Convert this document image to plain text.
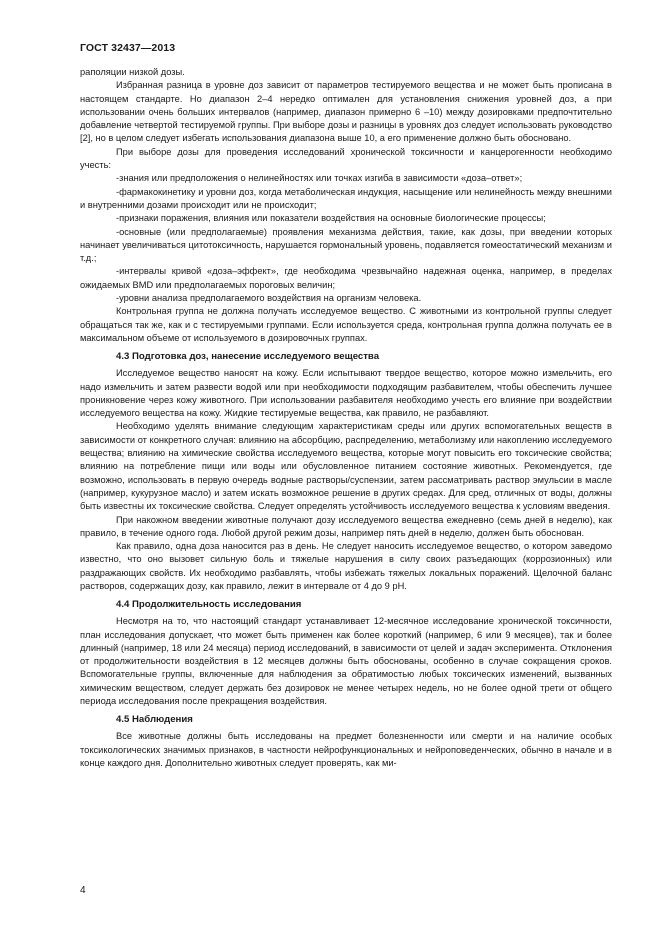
ГОСТ 32437—2013

раполяции низкой дозы.

Избранная разница в уровне доз зависит от параметров тестируемого вещества и не может быть прописана в настоящем стандарте. Но диапазон 2–4 нередко оптимален для установления снижения уровней доз, а при использовании очень больших интервалов (например, диапазон примерно 6 –10) между дозировками предпочтительно добавление четвертой тестируемой группы. При выборе дозы и разницы в уровнях доз следует использовать руководство [2], но в целом следует избегать использования диапазона выше 10, а его применение должно быть обосновано.

При выборе дозы для проведения исследований хронической токсичности и канцерогенности необходимо учесть:

-знания или предположения о нелинейностях или точках изгиба в зависимости «доза–ответ»;

-фармакокинетику и уровни доз, когда метаболическая индукция, насыщение или нелинейность между внешними и внутренними дозами происходит или не происходит;

-признаки поражения, влияния или показатели воздействия на основные биологические процессы;

-основные (или предполагаемые) проявления механизма действия, такие, как дозы, при введении которых начинает увеличиваться цитотоксичность, нарушается гормональный уровень, подавляется гомеостатический механизм и т.д.;

-интервалы кривой «доза–эффект», где необходима чрезвычайно надежная оценка, например, в пределах ожидаемых BMD или предполагаемых пороговых величин;

-уровни анализа предполагаемого воздействия на организм человека.

Контрольная группа не должна получать исследуемое вещество. С животными из контрольной группы следует обращаться так же, как и с тестируемыми группами. Если используется среда, контрольная группа должна получать ее в максимальном объеме от используемого в дозировочных группах.

4.3 Подготовка доз, нанесение исследуемого вещества

Исследуемое вещество наносят на кожу. Если испытывают твердое вещество, которое можно измельчить, его надо измельчить и затем развести водой или при необходимости подходящим разбавителем, чтобы обеспечить лучшее проникновение через кожу животного. При использовании разбавителя необходимо учесть его влияние при воздействии исследуемого вещества на кожу. Жидкие тестируемые вещества, как правило, не разбавляют.

Необходимо уделять внимание следующим характеристикам среды или других вспомогательных веществ в зависимости от конкретного случая: влиянию на абсорбцию, распределению, метаболизму или накоплению исследуемого вещества; влиянию на химические свойства исследуемого вещества, которые могут повысить его токсические свойства; влиянию на потребление пищи или воды или обусловленное питанием состояние животных. Рекомендуется, где возможно, использовать в первую очередь водные растворы/суспензии, затем рассматривать раствор эмульсии в масле (например, кукурузное масло) и затем искать возможное решение в других средах. Для сред, отличных от воды, должны быть известны их токсические свойства. Следует определять устойчивость исследуемого вещества к условиям введения.

При накожном введении животные получают дозу исследуемого вещества ежедневно (семь дней в неделю), как правило, в течение одного года. Любой другой режим дозы, например пять дней в неделю, должен быть обоснован.

Как правило, одна доза наносится раз в день. Не следует наносить исследуемое вещество, о котором заведомо известно, что оно вызовет сильную боль и тяжелые нарушения в силу своих разъедающих (коррозионных) или раздражающих свойств. Их необходимо разбавлять, чтобы избежать тяжелых локальных поражений. Щелочной баланс растворов, содержащих дозу, как правило, лежит в интервале от 4 до 9 pH.

4.4 Продолжительность исследования

Несмотря на то, что настоящий стандарт устанавливает 12-месячное исследование хронической токсичности, план исследования допускает, что может быть применен как более короткий (например, 6 или 9 месяцев), так и более длинный (например, 18 или 24 месяца) период исследований, в зависимости от целей и задач эксперимента. Отклонения от продолжительности воздействия в 12 месяцев должны быть обоснованы, особенно в случае сокращения сроков. Вспомогательные группы, включенные для наблюдения за обратимостью любых токсических изменений, вызванных химическим веществом, следует держать без дозировок не менее четырех недель, но не более одной трети от общего периода исследования после прекращения воздействия.

4.5 Наблюдения

Все животные должны быть исследованы на предмет болезненности или смерти и на наличие особых токсикологических значимых признаков, в частности нейрофункциональных и нейроповеденческих, обычно в начале и в конце каждого дня. Дополнительно животных следует проверять, как ми-

4
